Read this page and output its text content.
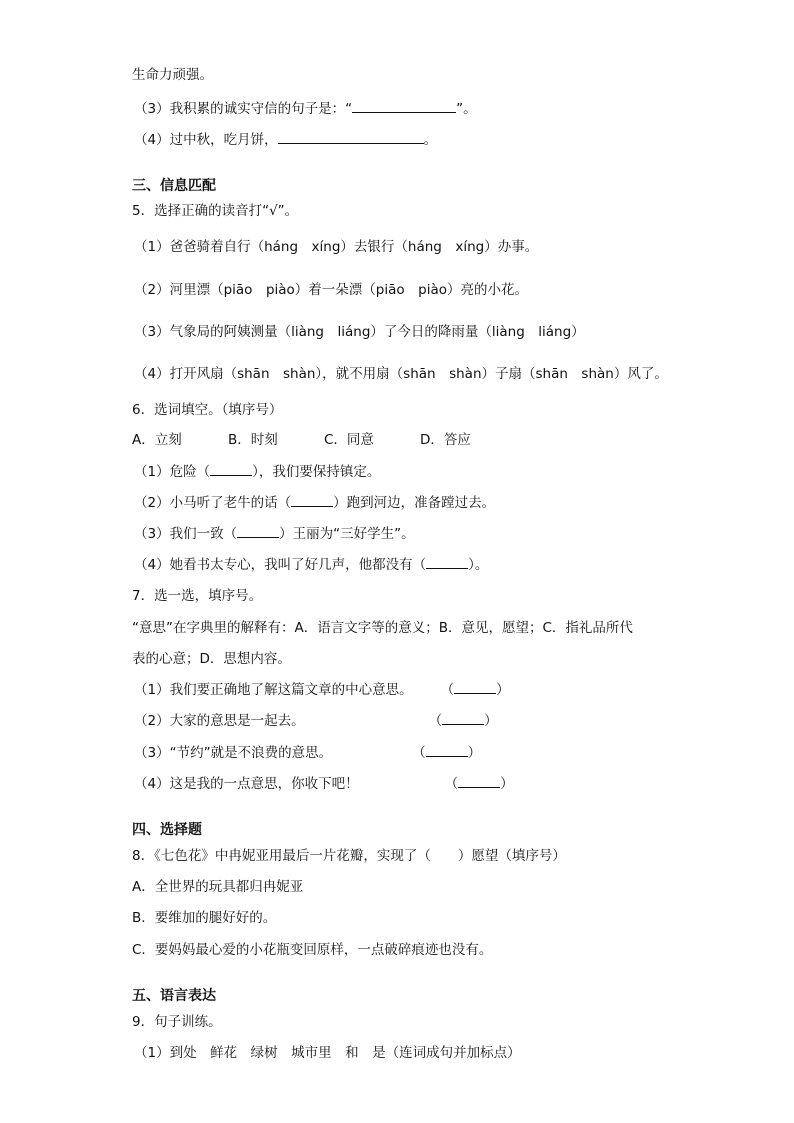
生命力顽强。
（3）我积累的诚实守信的句子是：“	”。
（4）过中秋，吃月饼，	。
三、信息匹配
5．选择正确的读音打“√”。
（1）爸爸骑着自行（háng　xíng）去银行（háng　xíng）办事。
（2）河里漂（piāo　piào）着一朵漂（piāo　piào）亮的小花。
（3）气象局的阿姨测量（liàng　liáng）了今日的降雨量（liàng　liáng）
（4）打开风扇（shān　shàn），就不用扇（shān　shàn）子扇（shān　shàn）风了。
6．选词填空。（填序号）
A．立刻	B．时刻	C．同意	D．答应
（1）危险（	），我们要保持镇定。
（2）小马听了老牛的话（	）跑到河边，准备蹚过去。
（3）我们一致（	）王丽为“三好学生”。
（4）她看书太专心，我叫了好几声，他都没有（	）。
7．选一选，填序号。
“意思”在字典里的解释有：A．语言文字等的意义；B．意见，愿望；C．指礼品所代
表的心意；D．思想内容。
（1）我们要正确地了解这篇文章的中心意思。 （	）
（2）大家的意思是一起去。	（	）
（3）“节约”就是不浪费的意思。	（	）
（4）这是我的一点意思，你收下吧！	（	）
四、选择题
8．《七色花》中冉妮亚用最后一片花瓣，实现了（　　）愿望（填序号）
A．全世界的玩具都归冉妮亚
B．要维加的腿好好的。
C．要妈妈最心爱的小花瓶变回原样，一点破碎痕迹也没有。
五、语言表达
9．句子训练。
（1）到处　鲜花　绿树　城市里　和　是（连词成句并加标点）
